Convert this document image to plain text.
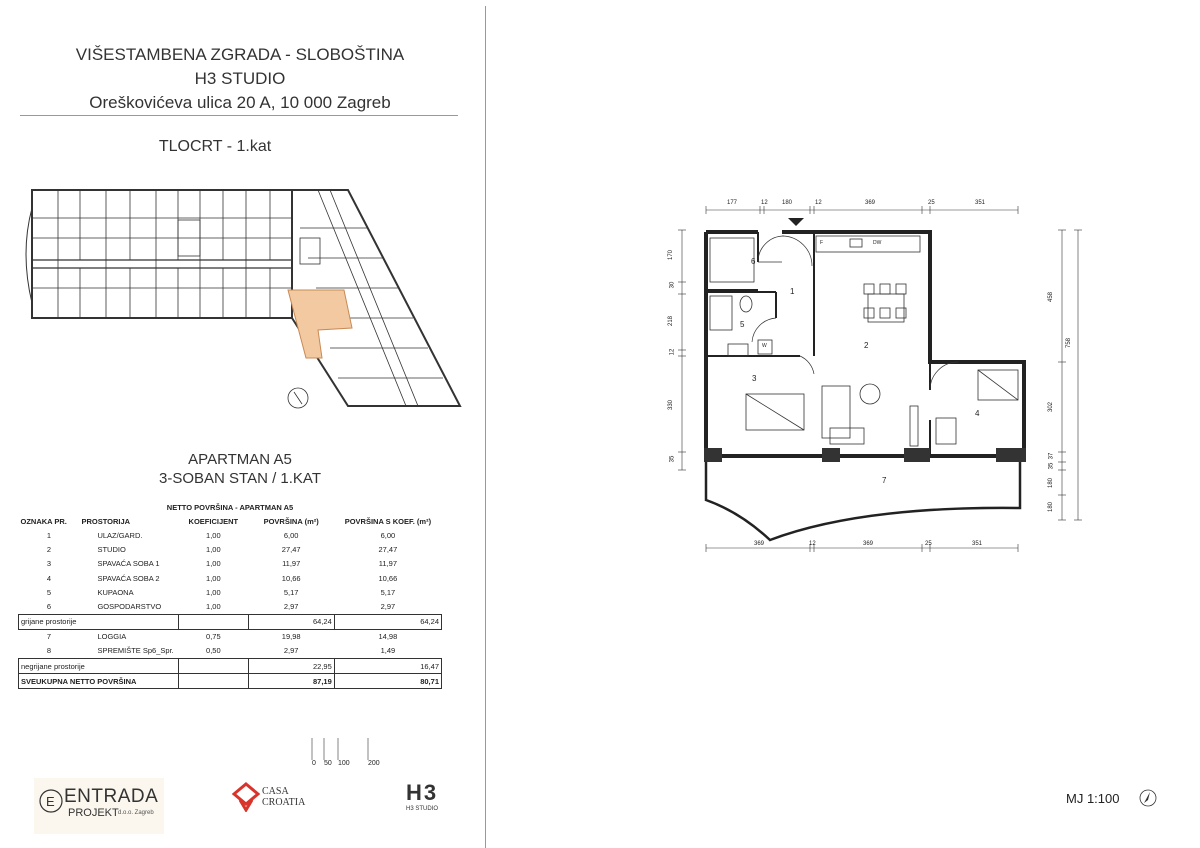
VIŠESTAMBENA ZGRADA - SLOBOŠTINA
H3 STUDIO
Oreškovićeva ulica 20 A, 10 000 Zagreb
TLOCRT - 1.kat
APARTMAN A5
3-SOBAN STAN / 1.KAT
NETTO POVRŠINA - APARTMAN A5				
OZNAKA PR.	PROSTORIJA	KOEFICIJENT	POVRŠINA (m²)	POVRŠINA S KOEF. (m²)
1	ULAZ/GARD.	1,00	6,00	6,00
2	STUDIO	1,00	27,47	27,47
3	SPAVAĆA SOBA 1	1,00	11,97	11,97
4	SPAVAĆA SOBA 2	1,00	10,66	10,66
5	KUPAONA	1,00	5,17	5,17
6	GOSPODARSTVO	1,00	2,97	2,97
grijane prostorije			64,24	64,24
7	LOGGIA	0,75	19,98	14,98
8	SPREMIŠTE Sp6_Spr.	0,50	2,97	1,49
negrijane prostorije			22,95	16,47
SVEUKUPNA NETTO POVRŠINA			87,19	80,71
0 50 100	200
E ENTRADA
PROJEKT d.o.o. Zagreb
CASA
CROATIA	H3
H3 STUDIO
6
1
5
2
3
4
7
F
W
DW
177	12 180	12	369	25	351
369	12	369	25	351
170
30
218
12
330
35
458
302
37
35
180
180
758
MJ 1:100
